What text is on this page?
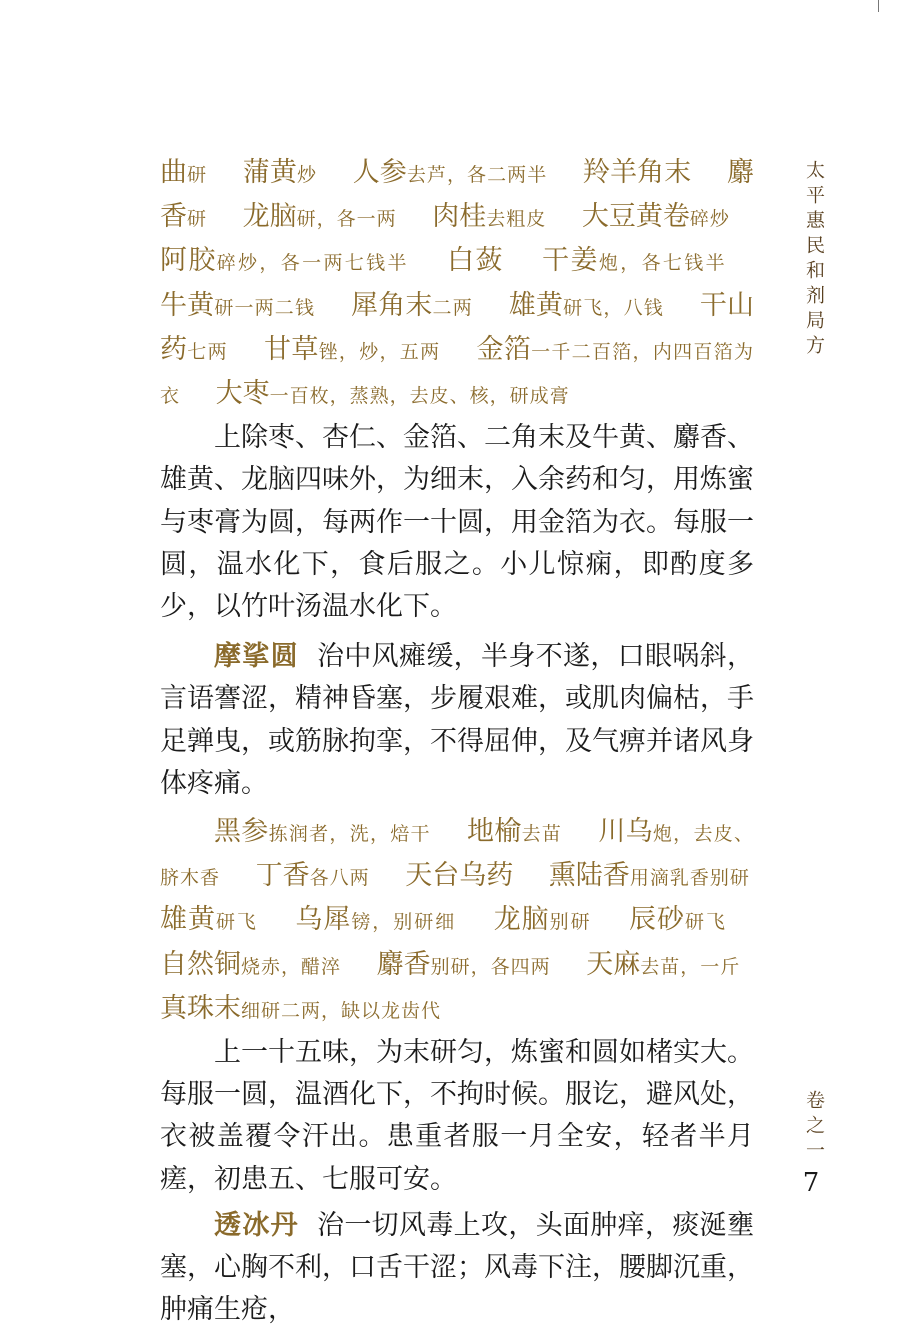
太平惠民和剂局方
卷之一
7

曲研　 蒲黄炒　 人参去芦，各二两半　 羚羊角末　 麝香研　 龙脑研，各一两　 肉桂去粗皮　 大豆黄卷碎炒　 阿胶碎炒，各一两七钱半　 白蔹　 干姜炮，各七钱半　 牛黄研一两二钱　 犀角末二两　 雄黄研飞，八钱　 干山药七两　 甘草锉，炒，五两　 金箔一千二百箔，内四百箔为衣　 大枣一百枚，蒸熟，去皮、核，研成膏

上除枣、杏仁、金箔、二角末及牛黄、麝香、雄黄、龙脑四味外，为细末，入余药和匀，用炼蜜与枣膏为圆，每两作一十圆，用金箔为衣。每服一圆，温水化下，食后服之。小儿惊痫，即酌度多少，以竹叶汤温水化下。

摩挲圆 治中风瘫缓，半身不遂，口眼㖞斜，言语謇涩，精神昏塞，步履艰难，或肌肉偏枯，手足亸曳，或筋脉拘挛，不得屈伸，及气痹并诸风身体疼痛。

黑参拣润者，洗，焙干　 地榆去苗　 川乌炮，去皮、脐木香　 丁香各八两　 天台乌药　 熏陆香用滴乳香别研　 雄黄研飞　 乌犀镑，别研细　 龙脑别研　 辰砂研飞　 自然铜烧赤，醋淬　 麝香别研，各四两　 天麻去苗，一斤　 真珠末细研二两，缺以龙齿代

上一十五味，为末研匀，炼蜜和圆如楮实大。每服一圆，温酒化下，不拘时候。服讫，避风处，衣被盖覆令汗出。患重者服一月全安，轻者半月瘥，初患五、七服可安。

透冰丹 治一切风毒上攻，头面肿痒，痰涎壅塞，心胸不利，口舌干涩；风毒下注，腰脚沉重，肿痛生疮，
